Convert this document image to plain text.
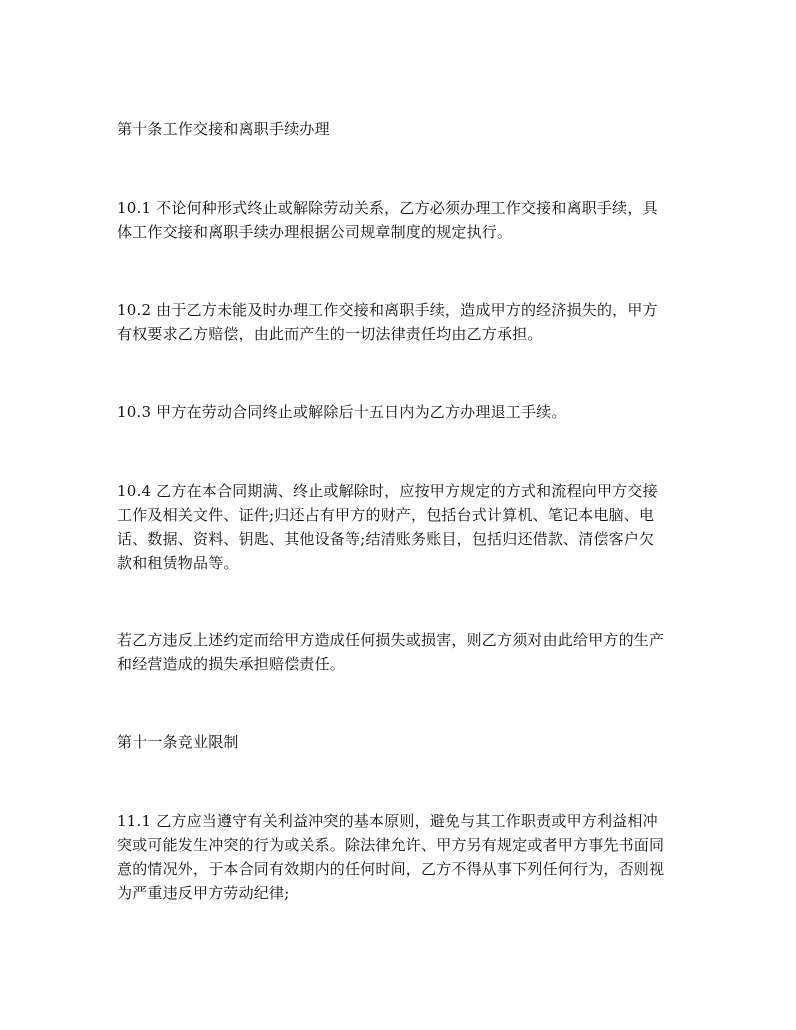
第十条工作交接和离职手续办理

10.1 不论何种形式终止或解除劳动关系，乙方必须办理工作交接和离职手续，具
体工作交接和离职手续办理根据公司规章制度的规定执行。

10.2 由于乙方未能及时办理工作交接和离职手续，造成甲方的经济损失的，甲方
有权要求乙方赔偿，由此而产生的一切法律责任均由乙方承担。

10.3 甲方在劳动合同终止或解除后十五日内为乙方办理退工手续。

10.4 乙方在本合同期满、终止或解除时，应按甲方规定的方式和流程向甲方交接
工作及相关文件、证件;归还占有甲方的财产，包括台式计算机、笔记本电脑、电
话、数据、资料、钥匙、其他设备等;结清账务账目，包括归还借款、清偿客户欠
款和租赁物品等。

若乙方违反上述约定而给甲方造成任何损失或损害，则乙方须对由此给甲方的生产
和经营造成的损失承担赔偿责任。

第十一条竞业限制

11.1 乙方应当遵守有关利益冲突的基本原则，避免与其工作职责或甲方利益相冲
突或可能发生冲突的行为或关系。除法律允许、甲方另有规定或者甲方事先书面同
意的情况外，于本合同有效期内的任何时间，乙方不得从事下列任何行为，否则视
为严重违反甲方劳动纪律;
